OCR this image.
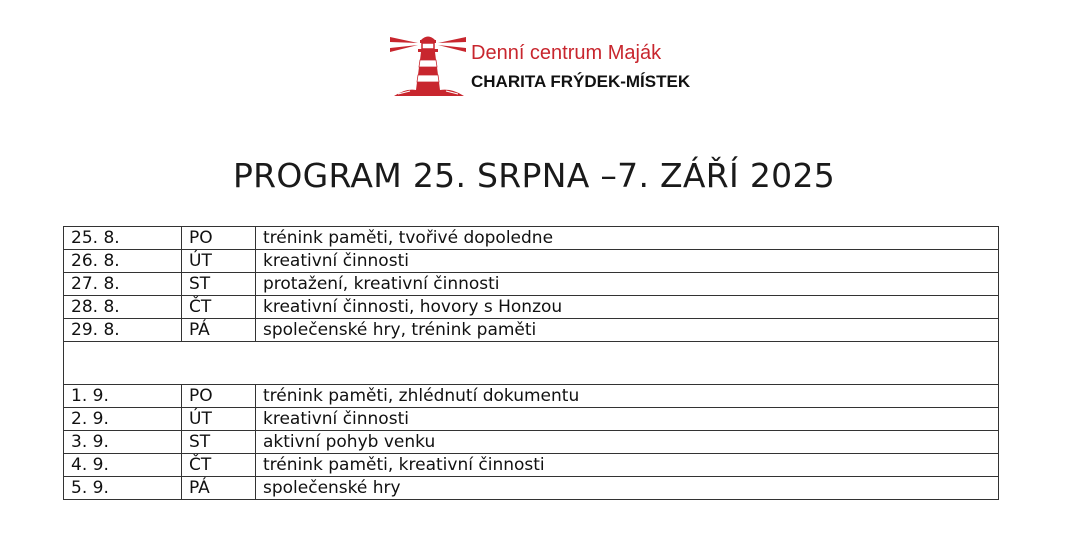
Denní centrum Maják
CHARITA FRÝDEK-MÍSTEK
PROGRAM 25. SRPNA –7. ZÁŘÍ 2025
25. 8.	PO	trénink paměti, tvořivé dopoledne
26. 8.	ÚT	kreativní činnosti
27. 8.	ST	protažení, kreativní činnosti
28. 8.	ČT	kreativní činnosti, hovory s Honzou
29. 8.	PÁ	společenské hry, trénink paměti

1. 9.	PO	trénink paměti, zhlédnutí dokumentu
2. 9.	ÚT	kreativní činnosti
3. 9.	ST	aktivní pohyb venku
4. 9.	ČT	trénink paměti, kreativní činnosti
5. 9.	PÁ	společenské hry
